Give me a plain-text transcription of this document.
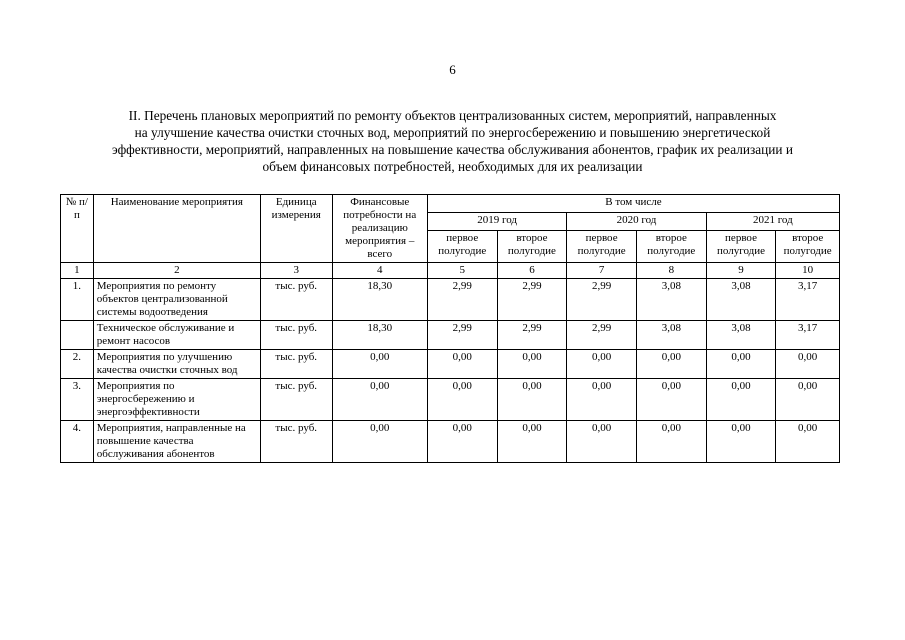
6
II. Перечень плановых мероприятий по ремонту объектов централизованных систем, мероприятий, направленных
на улучшение качества очистки сточных вод, мероприятий по энергосбережению и повышению энергетической
эффективности, мероприятий, направленных на повышение качества обслуживания абонентов, график их реализации и
объем финансовых потребностей, необходимых для их реализации
№ п/п	Наименование мероприятия	Единица измерения	Финансовые потребности на реализацию мероприятия – всего	В том числе					
				2019 год		2020 год		2021 год	
				первое полугодие	второе полугодие	первое полугодие	второе полугодие	первое полугодие	второе полугодие
1	2	3	4	5	6	7	8	9	10
1.	Мероприятия по ремонту объектов централизованной системы водоотведения	тыс. руб.	18,30	2,99	2,99	2,99	3,08	3,08	3,17
	Техническое обслуживание и ремонт насосов	тыс. руб.	18,30	2,99	2,99	2,99	3,08	3,08	3,17
2.	Мероприятия по улучшению качества очистки сточных вод	тыс. руб.	0,00	0,00	0,00	0,00	0,00	0,00	0,00
3.	Мероприятия по энергосбережению и энергоэффективности	тыс. руб.	0,00	0,00	0,00	0,00	0,00	0,00	0,00
4.	Мероприятия, направленные на повышение качества обслуживания абонентов	тыс. руб.	0,00	0,00	0,00	0,00	0,00	0,00	0,00
